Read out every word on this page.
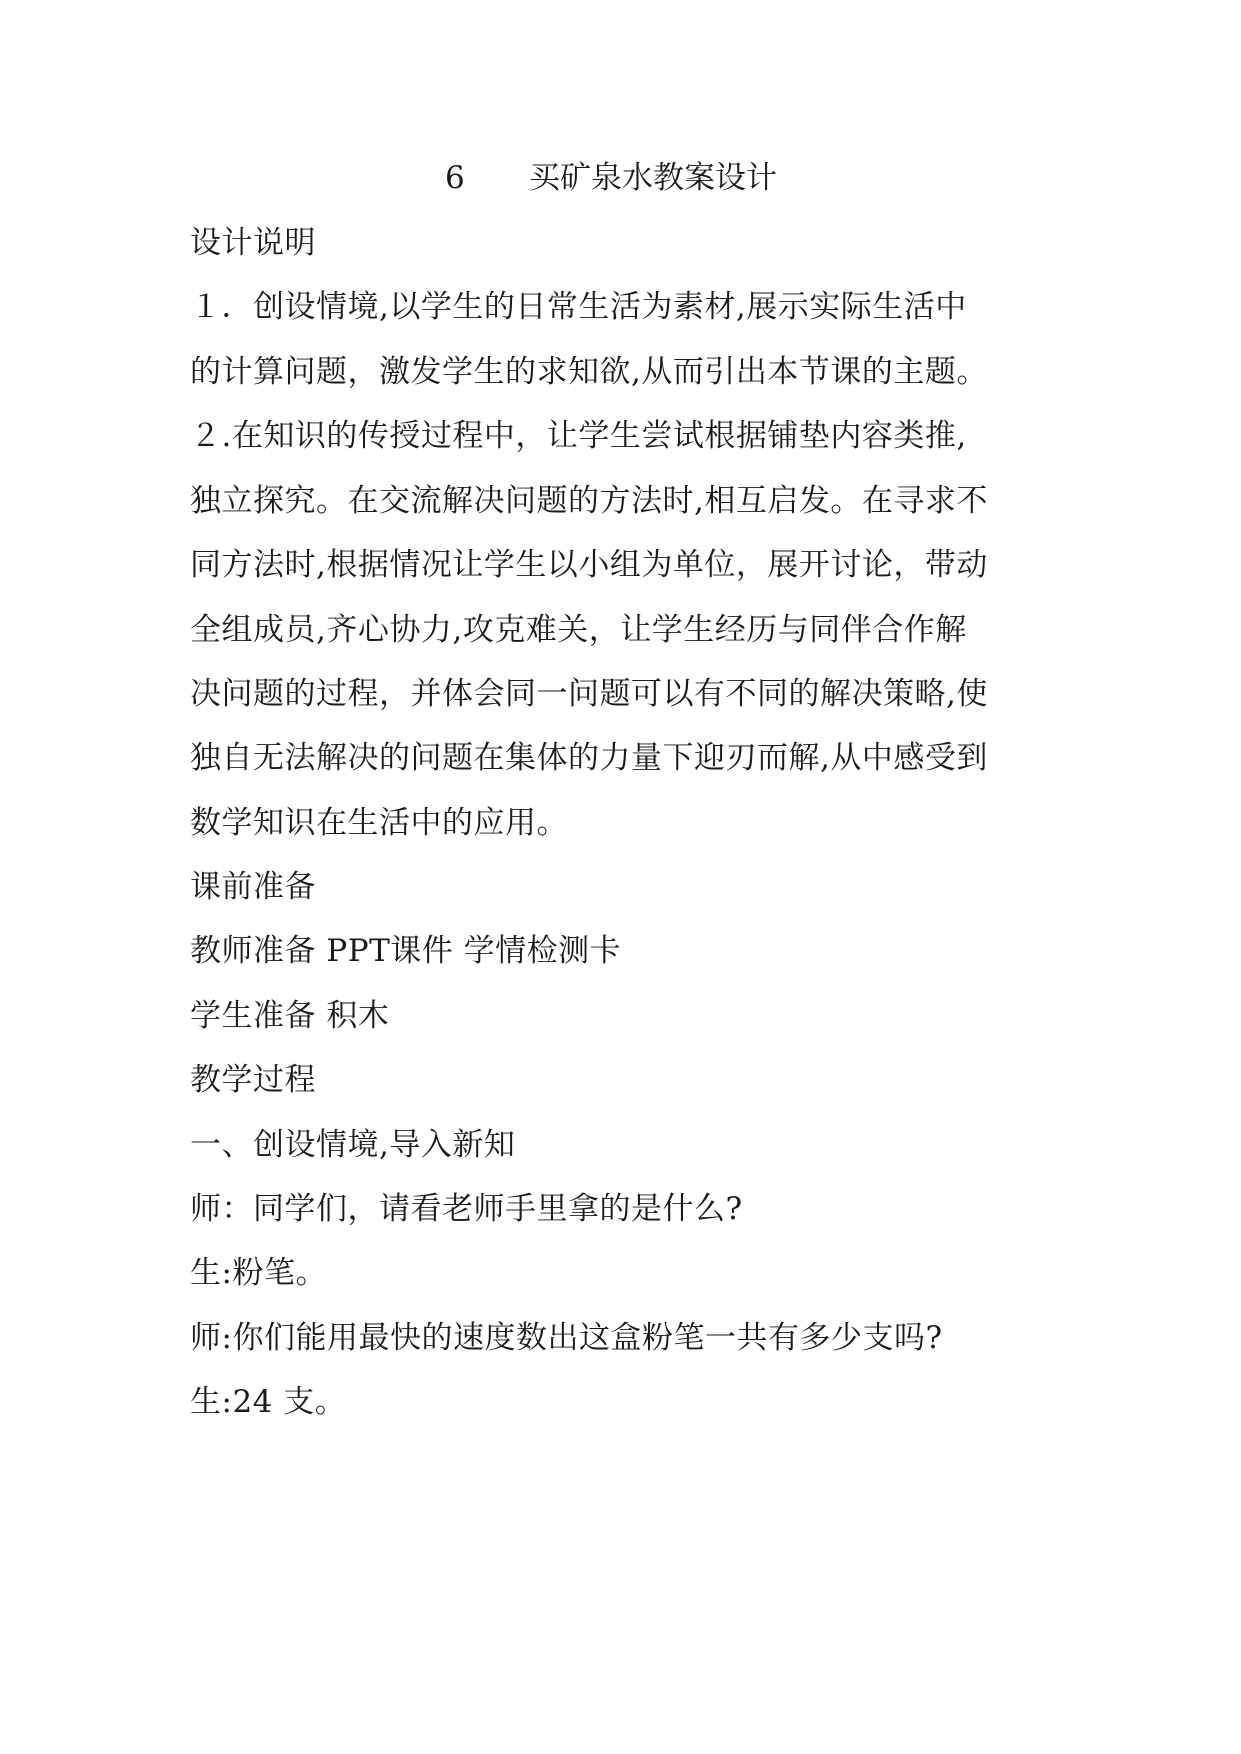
6 买矿泉水教案设计
设计说明
１．创设情境,以学生的日常生活为素材,展示实际生活中
的计算问题，激发学生的求知欲,从而引出本节课的主题。
２.在知识的传授过程中，让学生尝试根据铺垫内容类推,
独立探究。在交流解决问题的方法时,相互启发。在寻求不
同方法时,根据情况让学生以小组为单位，展开讨论，带动
全组成员,齐心协力,攻克难关，让学生经历与同伴合作解
决问题的过程，并体会同一问题可以有不同的解决策略,使
独自无法解决的问题在集体的力量下迎刃而解,从中感受到
数学知识在生活中的应用。
课前准备
教师准备 PPT课件 学情检测卡
学生准备 积木
教学过程
一、创设情境,导入新知
师：同学们，请看老师手里拿的是什么?
生:粉笔。
师:你们能用最快的速度数出这盒粉笔一共有多少支吗?
生:24 支。
